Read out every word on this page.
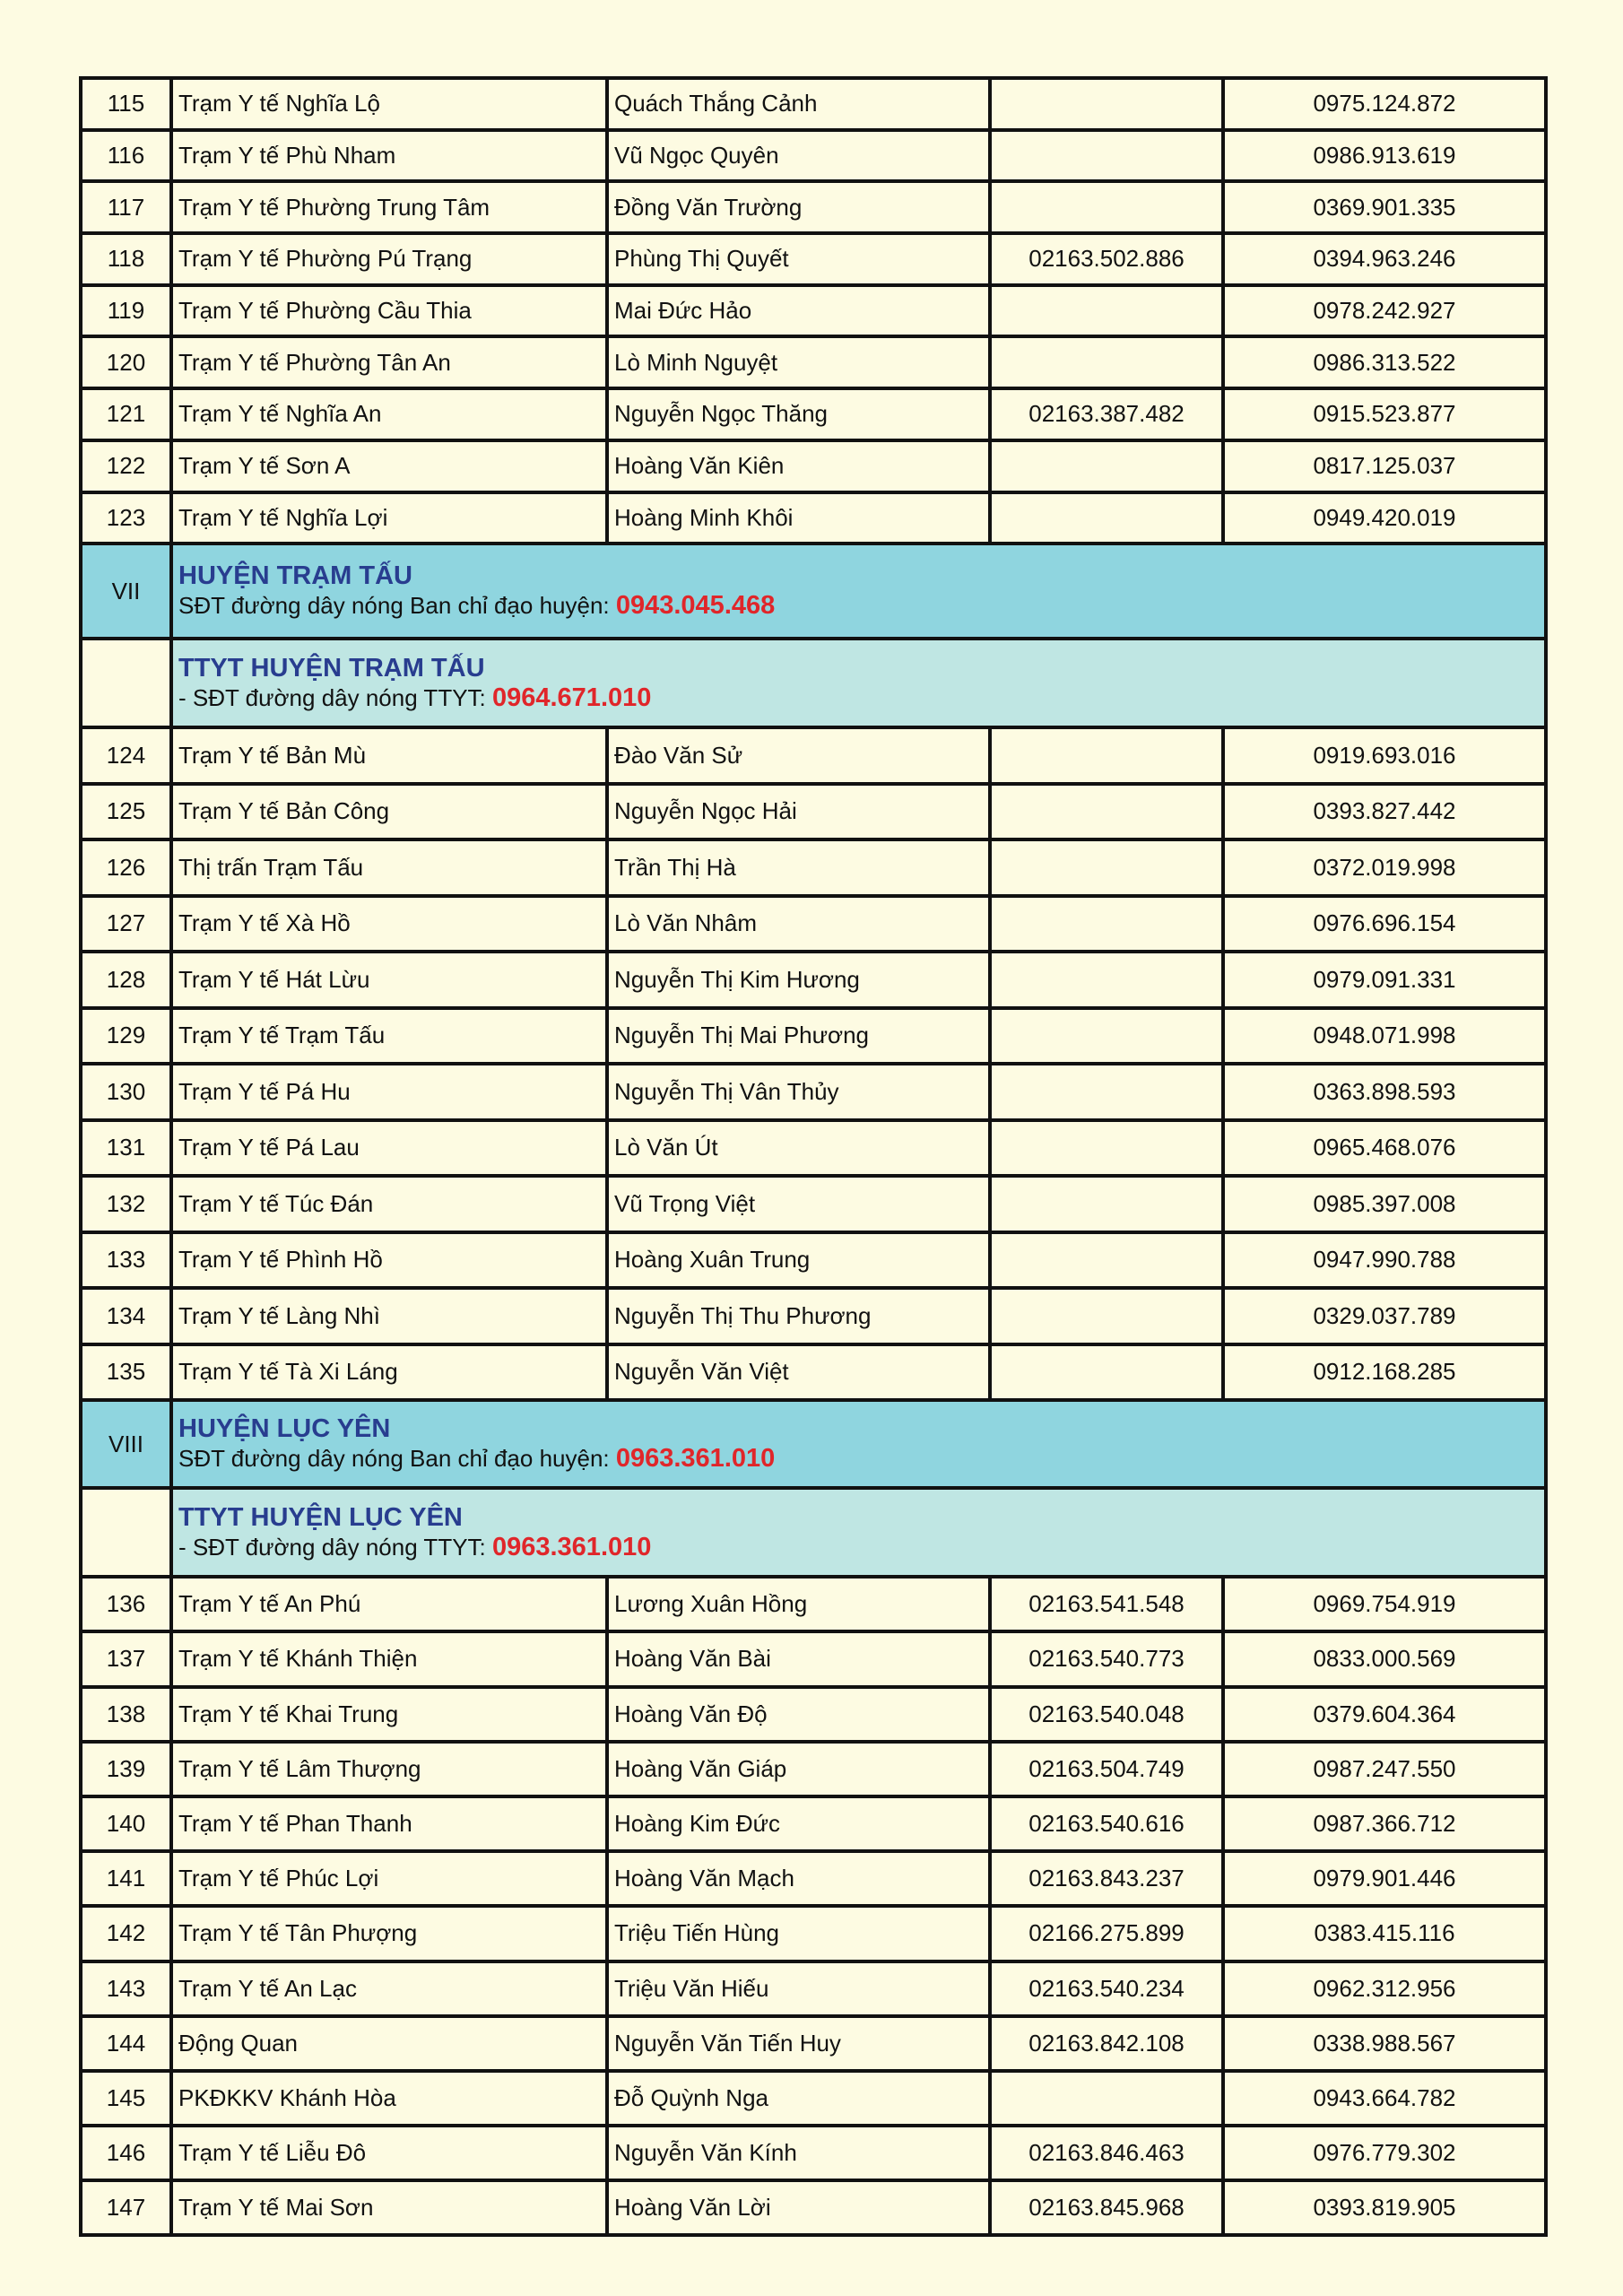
115	Trạm Y tế Nghĩa Lộ	Quách Thắng Cảnh		0975.124.872
116	Trạm Y tế Phù Nham	Vũ Ngọc Quyên		0986.913.619
117	Trạm Y tế Phường Trung Tâm	Đồng Văn Trường		0369.901.335
118	Trạm Y tế Phường Pú Trạng	Phùng Thị Quyết	02163.502.886	0394.963.246
119	Trạm Y tế Phường Cầu Thia	Mai Đức Hảo		0978.242.927
120	Trạm Y tế Phường Tân An	Lò Minh Nguyệt		0986.313.522
121	Trạm Y tế Nghĩa An	Nguyễn Ngọc Thăng	02163.387.482	0915.523.877
122	Trạm Y tế Sơn A	Hoàng Văn Kiên		0817.125.037
123	Trạm Y tế Nghĩa Lợi	Hoàng Minh Khôi		0949.420.019
VII	HUYỆN TRẠM TẤU
SĐT đường dây nóng Ban chỉ đạo huyện: 0943.045.468			

	TTYT HUYỆN TRẠM TẤU
- SĐT đường dây nóng TTYT: 0964.671.010			

124	Trạm Y tế Bản Mù	Đào Văn Sử		0919.693.016
125	Trạm Y tế Bản Công	Nguyễn Ngọc Hải		0393.827.442
126	Thị trấn Trạm Tấu	Trần Thị Hà		0372.019.998
127	Trạm Y tế Xà Hồ	Lò Văn Nhâm		0976.696.154
128	Trạm Y tế Hát Lừu	Nguyễn Thị Kim Hương		0979.091.331
129	Trạm Y tế Trạm Tấu	Nguyễn Thị Mai Phương		0948.071.998
130	Trạm Y tế Pá Hu	Nguyễn Thị Vân Thủy		0363.898.593
131	Trạm Y tế Pá Lau	Lò Văn Út		0965.468.076
132	Trạm Y tế Túc Đán	Vũ Trọng Việt		0985.397.008
133	Trạm Y tế Phình Hồ	Hoàng Xuân Trung		0947.990.788
134	Trạm Y tế Làng Nhì	Nguyễn Thị Thu Phương		0329.037.789
135	Trạm Y tế Tà Xi Láng	Nguyễn Văn Việt		0912.168.285
VIII	HUYỆN LỤC YÊN
SĐT đường dây nóng Ban chỉ đạo huyện: 0963.361.010			

	TTYT HUYỆN LỤC YÊN
- SĐT đường dây nóng TTYT: 0963.361.010			

136	Trạm Y tế An Phú	Lương Xuân Hồng	02163.541.548	0969.754.919
137	Trạm Y tế Khánh Thiện	Hoàng Văn Bài	02163.540.773	0833.000.569
138	Trạm Y tế Khai Trung	Hoàng Văn Độ	02163.540.048	0379.604.364
139	Trạm Y tế Lâm Thượng	Hoàng Văn Giáp	02163.504.749	0987.247.550
140	Trạm Y tế Phan Thanh	Hoàng Kim Đức	02163.540.616	0987.366.712
141	Trạm Y tế Phúc Lợi	Hoàng Văn Mạch	02163.843.237	0979.901.446
142	Trạm Y tế Tân Phượng	Triệu Tiến Hùng	02166.275.899	0383.415.116
143	Trạm Y tế An Lạc	Triệu Văn Hiếu	02163.540.234	0962.312.956
144	Động Quan	Nguyễn Văn Tiến Huy	02163.842.108	0338.988.567
145	PKĐKKV Khánh Hòa	Đỗ Quỳnh Nga		0943.664.782
146	Trạm Y tế Liễu Đô	Nguyễn Văn Kính	02163.846.463	0976.779.302
147	Trạm Y tế Mai Sơn	Hoàng Văn Lời	02163.845.968	0393.819.905
